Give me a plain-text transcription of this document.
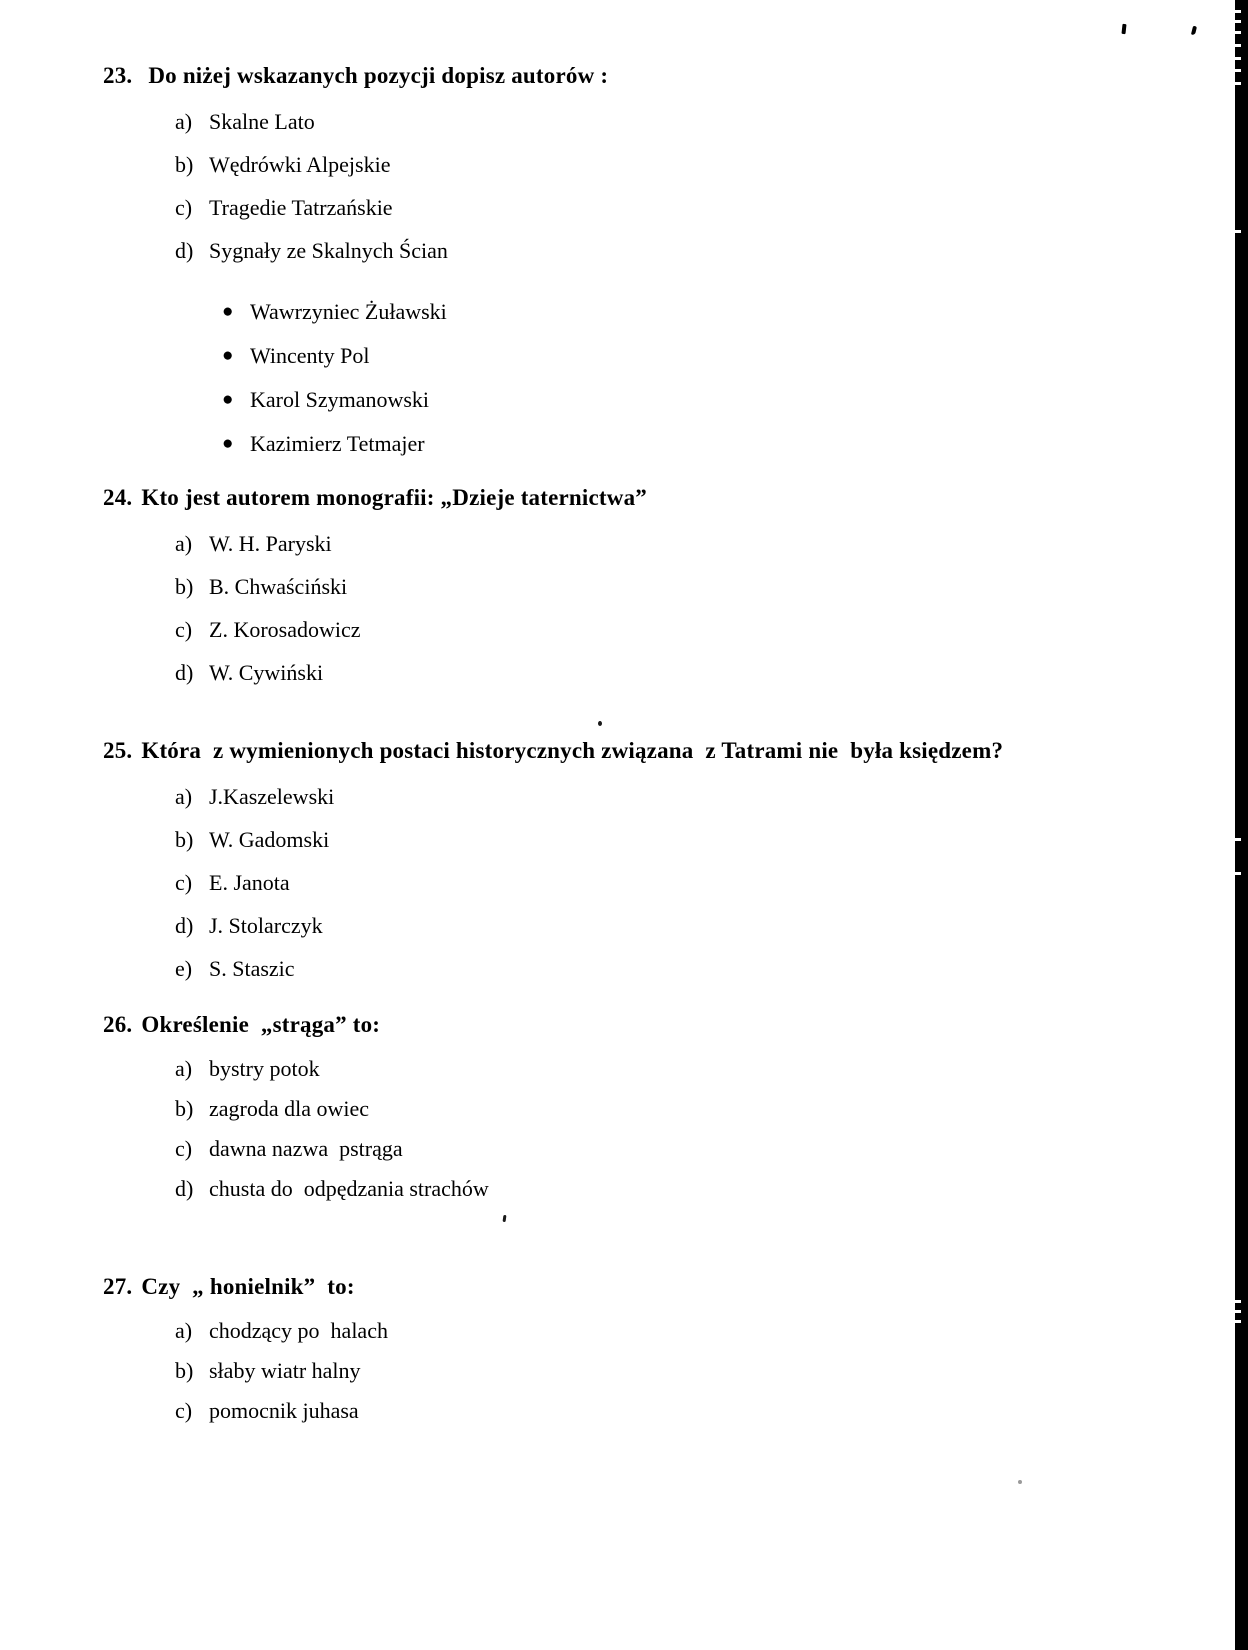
23. Do niżej wskazanych pozycji dopisz autorów :
a) Skalne Lato
b) Wędrówki Alpejskie
c) Tragedie Tatrzańskie
d) Sygnały ze Skalnych Ścian
● Wawrzyniec Żuławski
● Wincenty Pol
● Karol Szymanowski
● Kazimierz Tetmajer
24. Kto jest autorem monografii: „Dzieje taternictwa”
a) W. H. Paryski
b) B. Chwaściński
c) Z. Korosadowicz
d) W. Cywiński
25. Która  z wymienionych postaci historycznych związana  z Tatrami nie  była księdzem?
a) J.Kaszelewski
b) W. Gadomski
c) E. Janota
d) J. Stolarczyk
e) S. Staszic
26. Określenie  „strąga” to:
a) bystry potok
b) zagroda dla owiec
c) dawna nazwa  pstrąga
d) chusta do  odpędzania strachów
27. Czy  „ honielnik”  to:
a) chodzący po  halach
b) słaby wiatr halny
c) pomocnik juhasa
